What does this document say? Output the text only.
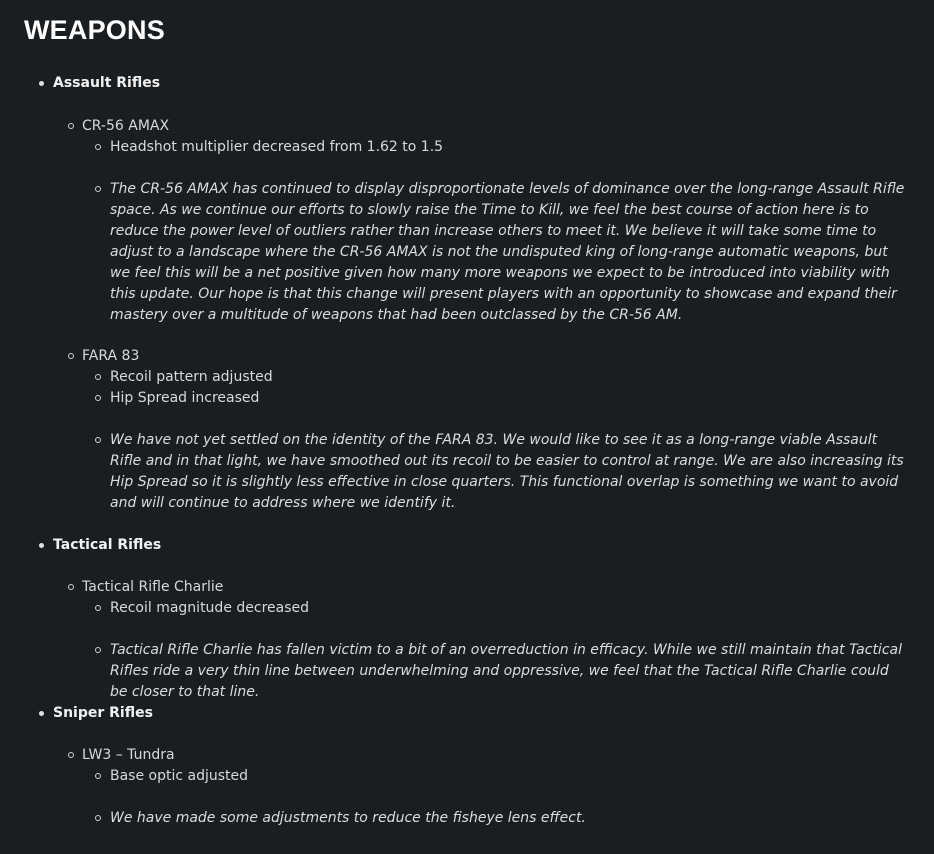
WEAPONS
Assault Rifles
CR-56 AMAX
Headshot multiplier decreased from 1.62 to 1.5
The CR-56 AMAX has continued to display disproportionate levels of dominance over the long-range Assault Rifle space. As we continue our efforts to slowly raise the Time to Kill, we feel the best course of action here is to reduce the power level of outliers rather than increase others to meet it. We believe it will take some time to adjust to a landscape where the CR-56 AMAX is not the undisputed king of long-range automatic weapons, but we feel this will be a net positive given how many more weapons we expect to be introduced into viability with this update. Our hope is that this change will present players with an opportunity to showcase and expand their mastery over a multitude of weapons that had been outclassed by the CR-56 AM.
FARA 83
Recoil pattern adjusted
Hip Spread increased
We have not yet settled on the identity of the FARA 83. We would like to see it as a long-range viable Assault Rifle and in that light, we have smoothed out its recoil to be easier to control at range. We are also increasing its Hip Spread so it is slightly less effective in close quarters. This functional overlap is something we want to avoid and will continue to address where we identify it.
Tactical Rifles
Tactical Rifle Charlie
Recoil magnitude decreased
Tactical Rifle Charlie has fallen victim to a bit of an overreduction in efficacy. While we still maintain that Tactical Rifles ride a very thin line between underwhelming and oppressive, we feel that the Tactical Rifle Charlie could be closer to that line.
Sniper Rifles
LW3 – Tundra
Base optic adjusted
We have made some adjustments to reduce the fisheye lens effect.
